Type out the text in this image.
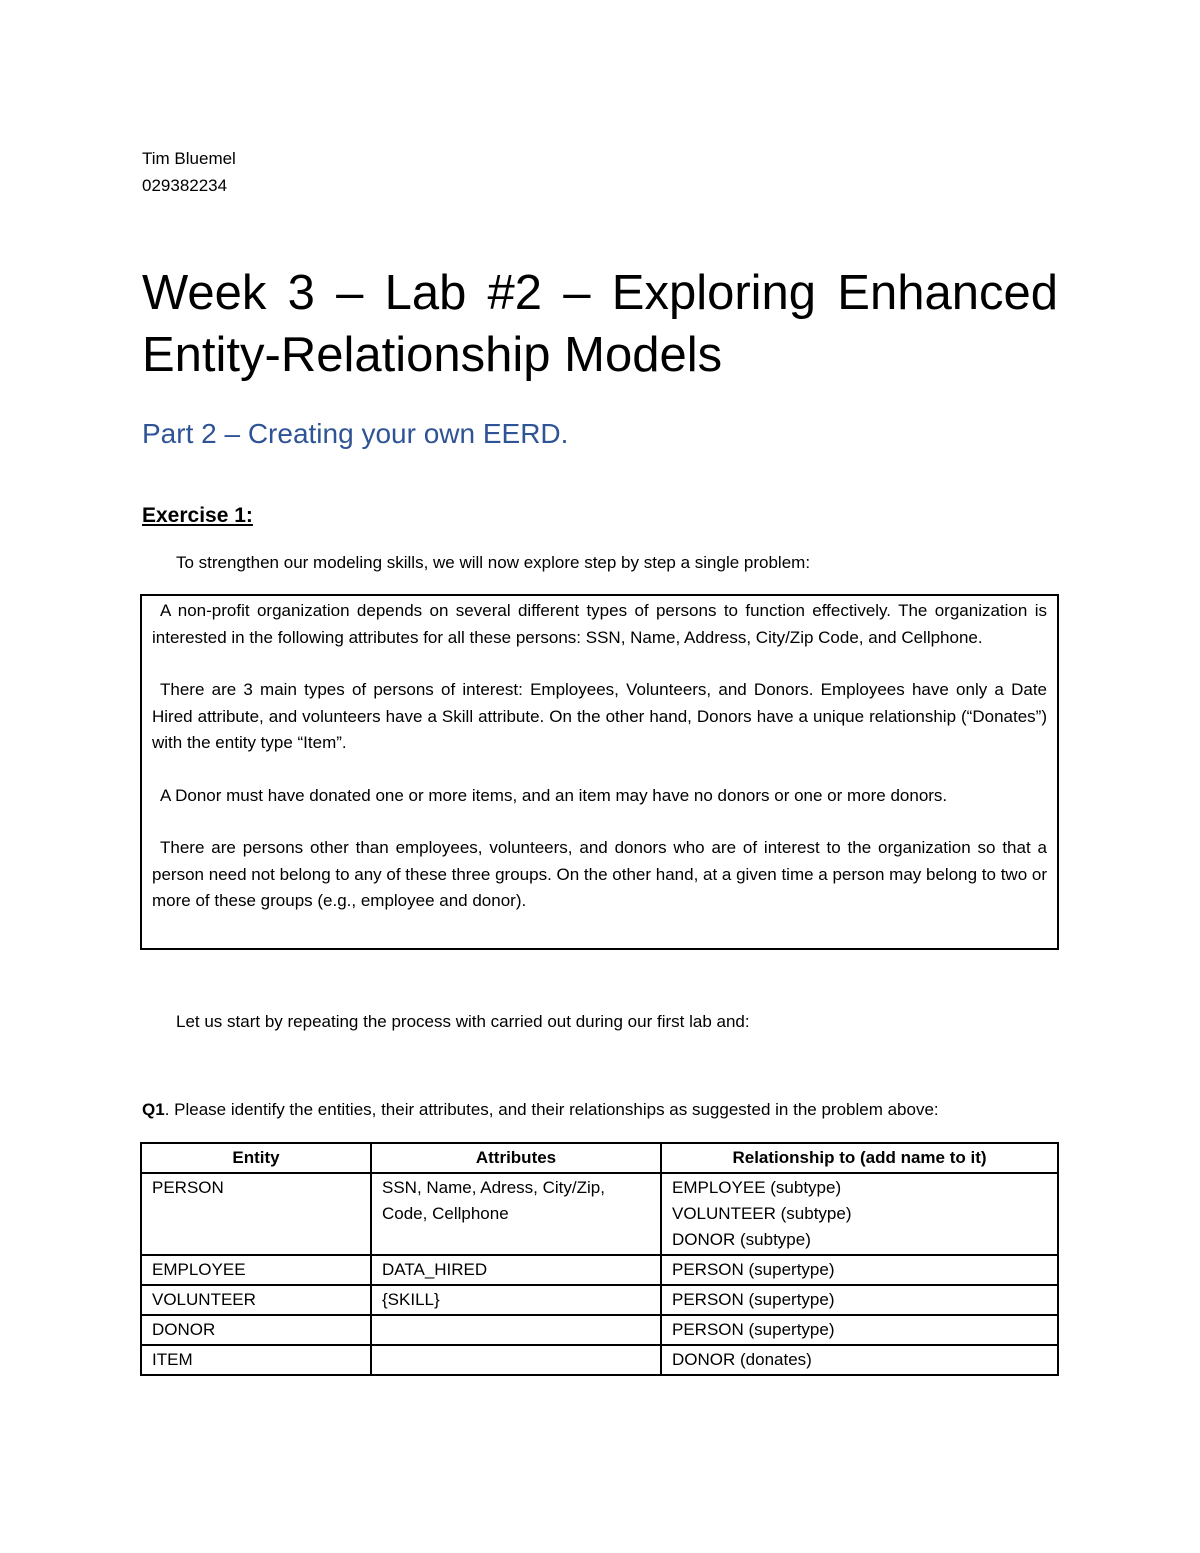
Tim Bluemel
029382234
Week 3 – Lab #2 – Exploring Enhanced
Entity-Relationship Models
Part 2 – Creating your own EERD.
Exercise 1:
To strengthen our modeling skills, we will now explore step by step a single problem:

A non-profit organization depends on several different types of persons to function effectively. The organization is interested in the following attributes for all these persons: SSN, Name, Address, City/Zip Code, and Cellphone.

There are 3 main types of persons of interest: Employees, Volunteers, and Donors. Employees have only a Date Hired attribute, and volunteers have a Skill attribute. On the other hand, Donors have a unique relationship (“Donates”) with the entity type “Item”.

A Donor must have donated one or more items, and an item may have no donors or one or more donors.

There are persons other than employees, volunteers, and donors who are of interest to the organization so that a person need not belong to any of these three groups. On the other hand, at a given time a person may belong to two or more of these groups (e.g., employee and donor).

Let us start by repeating the process with carried out during our first lab and:
Q1. Please identify the entities, their attributes, and their relationships as suggested in the problem above:
Entity	Attributes	Relationship to (add name to it)
PERSON	SSN, Name, Adress, City/Zip, Code, Cellphone	EMPLOYEE (subtype)
VOLUNTEER (subtype)
DONOR (subtype)

EMPLOYEE	DATA_HIRED	PERSON (supertype)
VOLUNTEER	{SKILL}	PERSON (supertype)
DONOR		PERSON (supertype)
ITEM		DONOR (donates)
